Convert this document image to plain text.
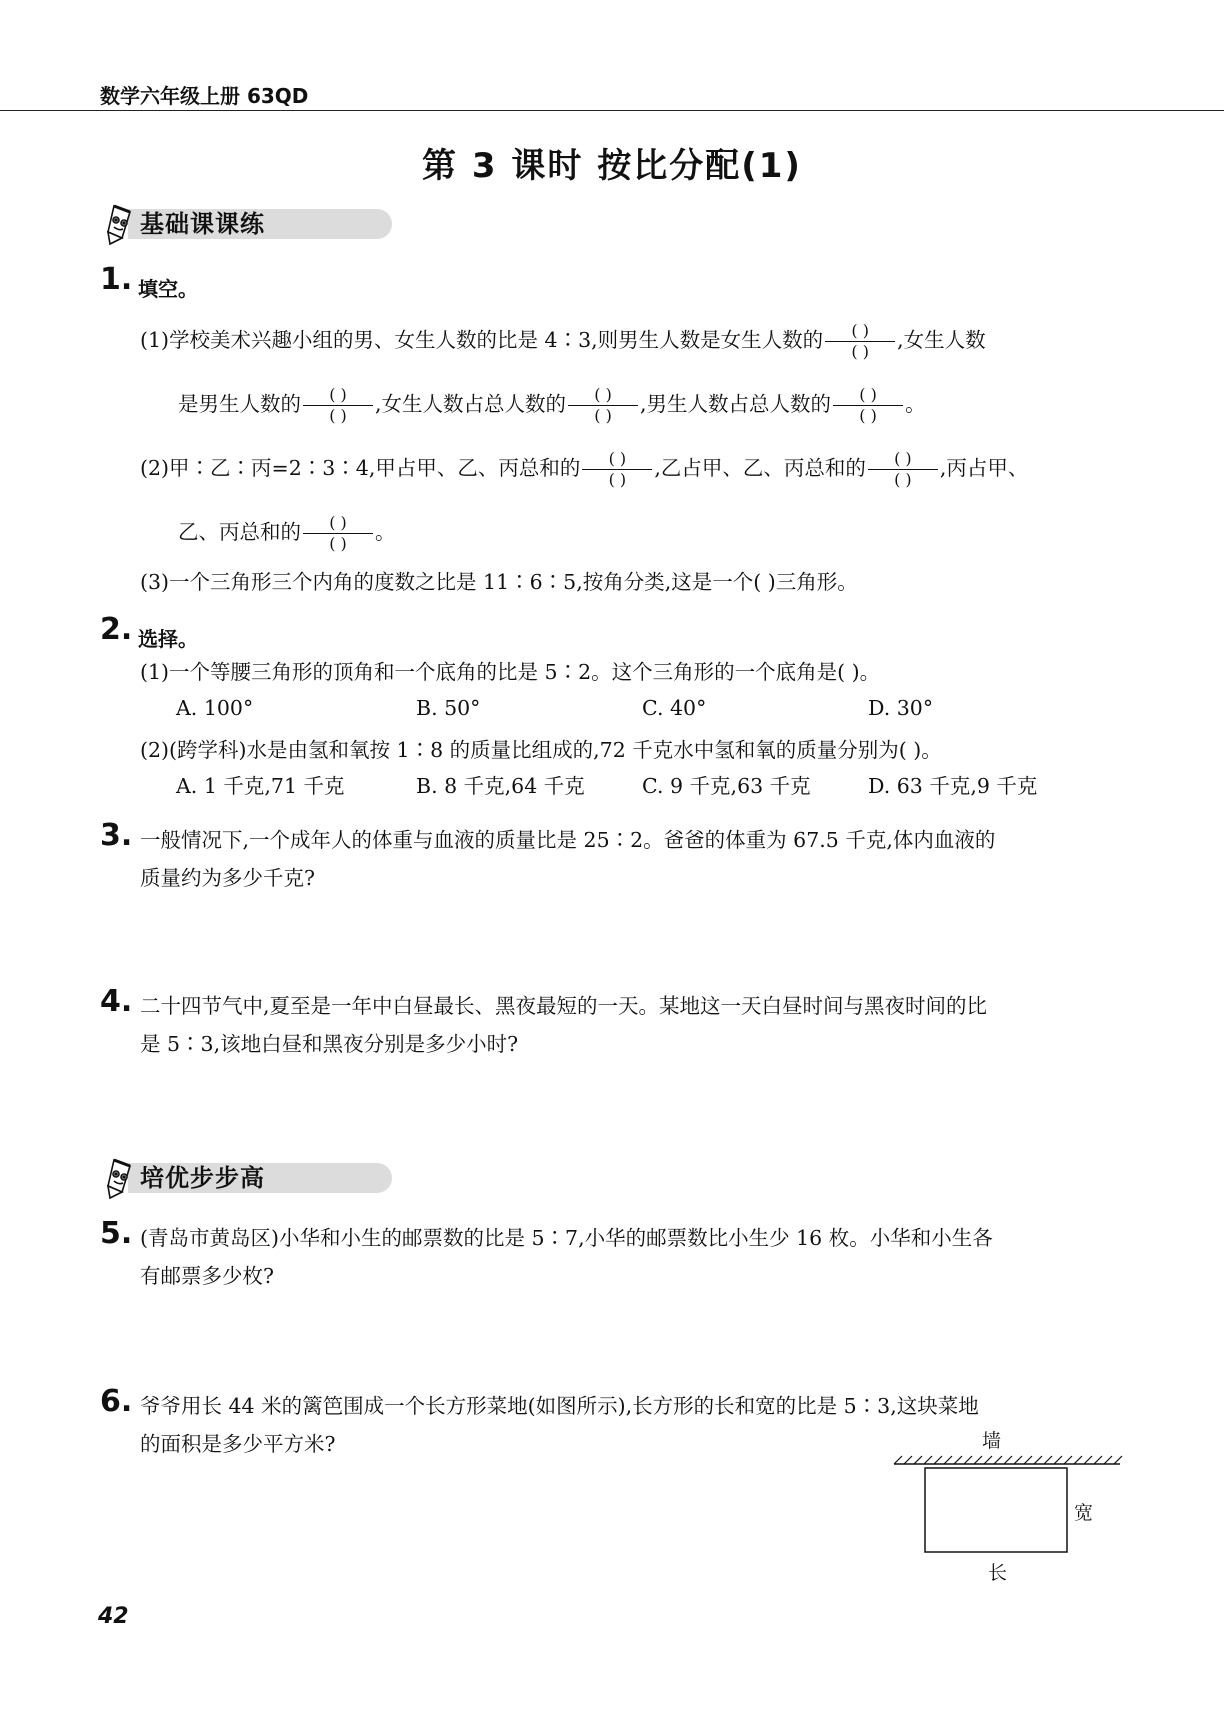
数学六年级上册 63QD
第 3 课时 按比分配(1)
基础课课练
1. 填空。
(1)学校美术兴趣小组的男、女生人数的比是 4∶3,则男生人数是女生人数的 $\frac{( )}{( )}$ ,女生人数
是男生人数的 $\frac{( )}{( )}$ ,女生人数占总人数的 $\frac{( )}{( )}$ ,男生人数占总人数的 $\frac{( )}{( )}$ 。
(2)甲∶乙∶丙=2∶3∶4,甲占甲、乙、丙总和的 $\frac{( )}{( )}$ ,乙占甲、乙、丙总和的 $\frac{( )}{( )}$ ,丙占甲、
乙、丙总和的 $\frac{( )}{( )}$ 。
(3)一个三角形三个内角的度数之比是 11∶6∶5,按角分类,这是一个( )三角形。
2. 选择。
(1)一个等腰三角形的顶角和一个底角的比是 5∶2。这个三角形的一个底角是( )。
A. 100°	B. 50°	C. 40°	D. 30°
(2)(跨学科)水是由氢和氧按 1∶8 的质量比组成的,72 千克水中氢和氧的质量分别为( )。
A. 1 千克,71 千克	B. 8 千克,64 千克	C. 9 千克,63 千克	D. 63 千克,9 千克
3. 一般情况下,一个成年人的体重与血液的质量比是 25∶2。爸爸的体重为 67.5 千克,体内血液的
质量约为多少千克?
4. 二十四节气中,夏至是一年中白昼最长、黑夜最短的一天。某地这一天白昼时间与黑夜时间的比
是 5∶3,该地白昼和黑夜分别是多少小时?
培优步步高
5. (青岛市黄岛区)小华和小生的邮票数的比是 5∶7,小华的邮票数比小生少 16 枚。小华和小生各
有邮票多少枚?
6. 爷爷用长 44 米的篱笆围成一个长方形菜地(如图所示),长方形的长和宽的比是 5∶3,这块菜地
的面积是多少平方米?	墙
宽
长
42
